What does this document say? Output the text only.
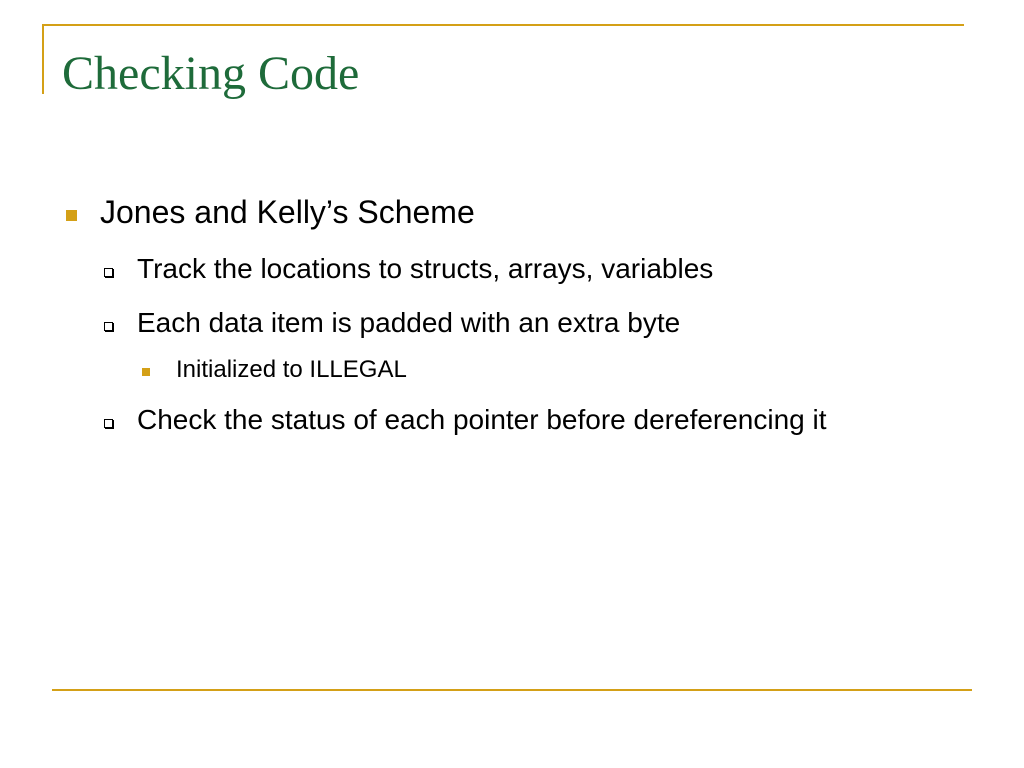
Checking Code
Jones and Kelly’s Scheme
Track the locations to structs, arrays, variables
Each data item is padded with an extra byte
Initialized to ILLEGAL
Check the status of each pointer before dereferencing it
